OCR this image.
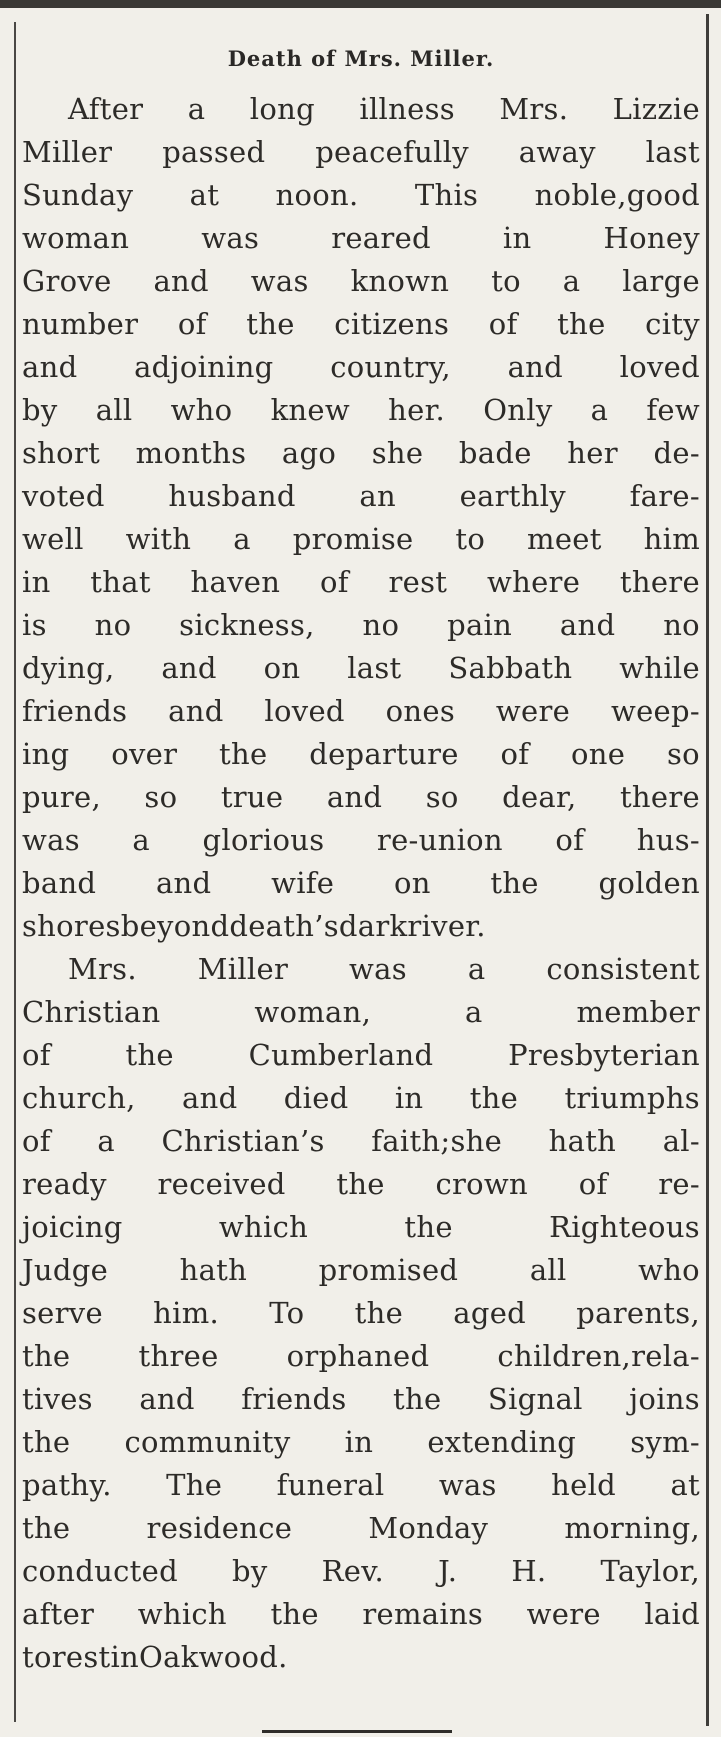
Death of Mrs. Miller.
After a long illness Mrs. Lizzie
Miller passed peacefully away last
Sunday at noon. This noble,good
woman was reared in Honey
Grove and was known to a large
number of the citizens of the city
and adjoining country, and loved
by all who knew her. Only a few
short months ago she bade her de-
voted husband an earthly fare-
well with a promise to meet him
in that haven of rest where there
is no sickness, no pain and no
dying, and on last Sabbath while
friends and loved ones were weep-
ing over the departure of one so
pure, so true and so dear, there
was a glorious re-union of hus-
band and wife on the golden
shores beyond death’s dark river.
Mrs. Miller was a consistent
Christian	woman,	a	member
of	the	Cumberland	Presbyterian
church, and died in the triumphs
of a Christian’s faith;she hath al-
ready received the crown of re-
joicing	which	the	Righteous
Judge hath promised all who
serve him. To the aged parents,
the three orphaned children,rela-
tives and friends the Signal joins
the community in extending sym-
pathy. The funeral was held at
the	residence	Monday	morning,
conducted by Rev. J. H. Taylor,
after which the remains were laid
to rest in Oakwood.
